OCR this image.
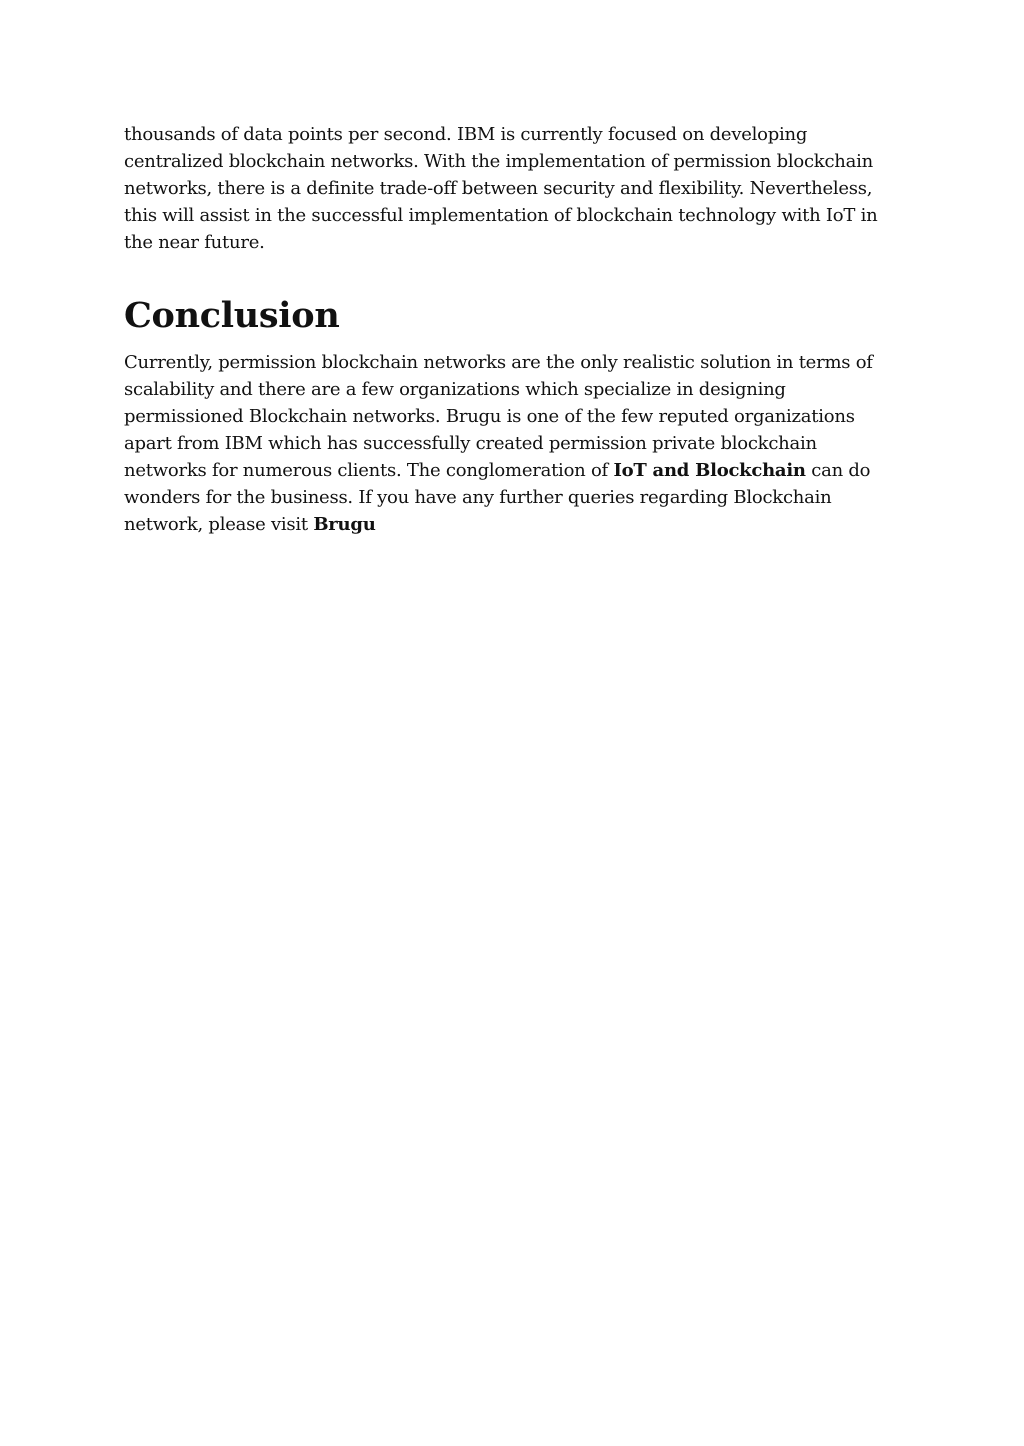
thousands of data points per second. IBM is currently focused on developing centralized blockchain networks. With the implementation of permission blockchain networks, there is a definite trade-off between security and flexibility. Nevertheless, this will assist in the successful implementation of blockchain technology with IoT in the near future.

Conclusion

Currently, permission blockchain networks are the only realistic solution in terms of scalability and there are a few organizations which specialize in designing permissioned Blockchain networks. Brugu is one of the few reputed organizations apart from IBM which has successfully created permission private blockchain networks for numerous clients. The conglomeration of IoT and Blockchain can do wonders for the business. If you have any further queries regarding Blockchain network, please visit Brugu
